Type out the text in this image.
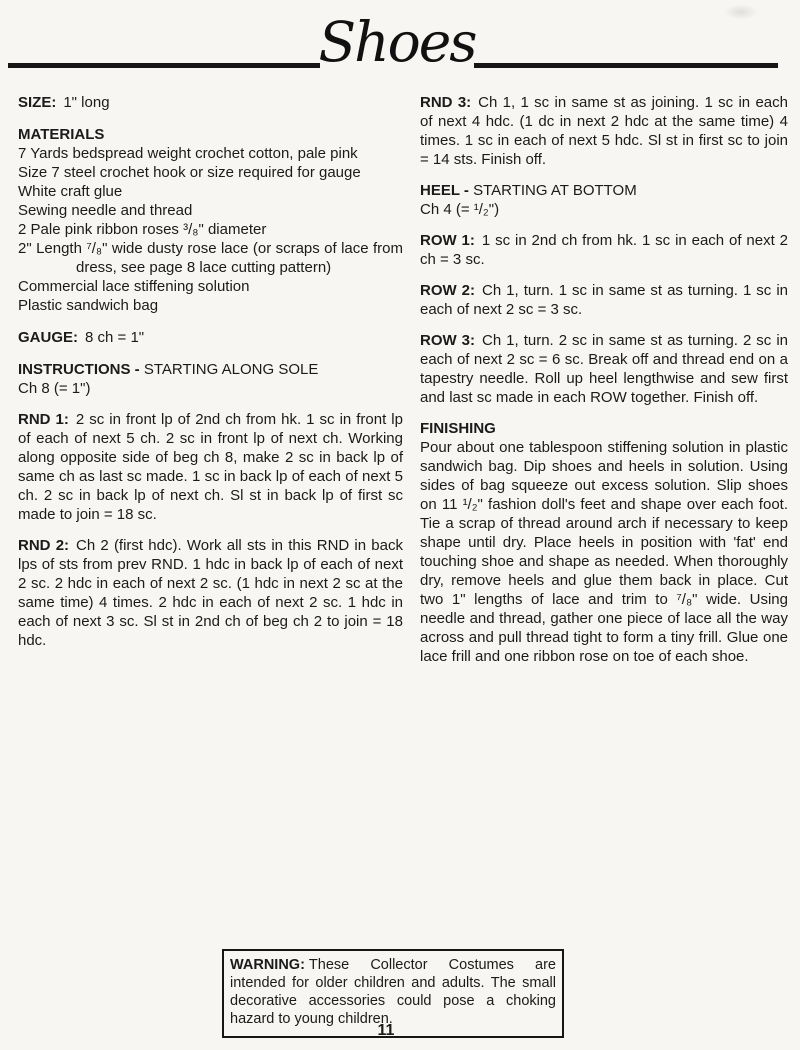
Shoes

SIZE: 1" long

MATERIALS

7 Yards bedspread weight crochet cotton, pale pink
Size 7 steel crochet hook or size required for gauge
White craft glue
Sewing needle and thread
2 Pale pink ribbon roses ³/₈" diameter
2" Length ⁷/₈" wide dusty rose lace (or scraps of lace from dress, see page 8 lace cutting pattern)
Commercial lace stiffening solution
Plastic sandwich bag

GAUGE: 8 ch = 1"

INSTRUCTIONS - STARTING ALONG SOLE

Ch 8 (= 1")

RND 1: 2 sc in front lp of 2nd ch from hk. 1 sc in front lp of each of next 5 ch. 2 sc in front lp of next ch. Working along opposite side of beg ch 8, make 2 sc in back lp of same ch as last sc made. 1 sc in back lp of each of next 5 ch. 2 sc in back lp of next ch. Sl st in back lp of first sc made to join = 18 sc.

RND 2: Ch 2 (first hdc). Work all sts in this RND in back lps of sts from prev RND. 1 hdc in back lp of each of next 2 sc. 2 hdc in each of next 2 sc. (1 hdc in next 2 sc at the same time) 4 times. 2 hdc in each of next 2 sc. 1 hdc in each of next 3 sc. Sl st in 2nd ch of beg ch 2 to join = 18 hdc.

RND 3: Ch 1, 1 sc in same st as joining. 1 sc in each of next 4 hdc. (1 dc in next 2 hdc at the same time) 4 times. 1 sc in each of next 5 hdc. Sl st in first sc to join = 14 sts. Finish off.

HEEL - STARTING AT BOTTOM

Ch 4 (= ¹/₂")

ROW 1: 1 sc in 2nd ch from hk. 1 sc in each of next 2 ch = 3 sc.

ROW 2: Ch 1, turn. 1 sc in same st as turning. 1 sc in each of next 2 sc = 3 sc.

ROW 3: Ch 1, turn. 2 sc in same st as turning. 2 sc in each of next 2 sc = 6 sc. Break off and thread end on a tapestry needle. Roll up heel lengthwise and sew first and last sc made in each ROW together. Finish off.

FINISHING

Pour about one tablespoon stiffening solution in plastic sandwich bag. Dip shoes and heels in solution. Using sides of bag squeeze out excess solution. Slip shoes on 11 ¹/₂" fashion doll's feet and shape over each foot. Tie a scrap of thread around arch if necessary to keep shape until dry. Place heels in position with 'fat' end touching shoe and shape as needed. When thoroughly dry, remove heels and glue them back in place. Cut two 1" lengths of lace and trim to ⁷/₈" wide. Using needle and thread, gather one piece of lace all the way across and pull thread tight to form a tiny frill. Glue one lace frill and one ribbon rose on toe of each shoe.

WARNING: These Collector Costumes are intended for older children and adults. The small decorative accessories could pose a choking hazard to young children.
11
